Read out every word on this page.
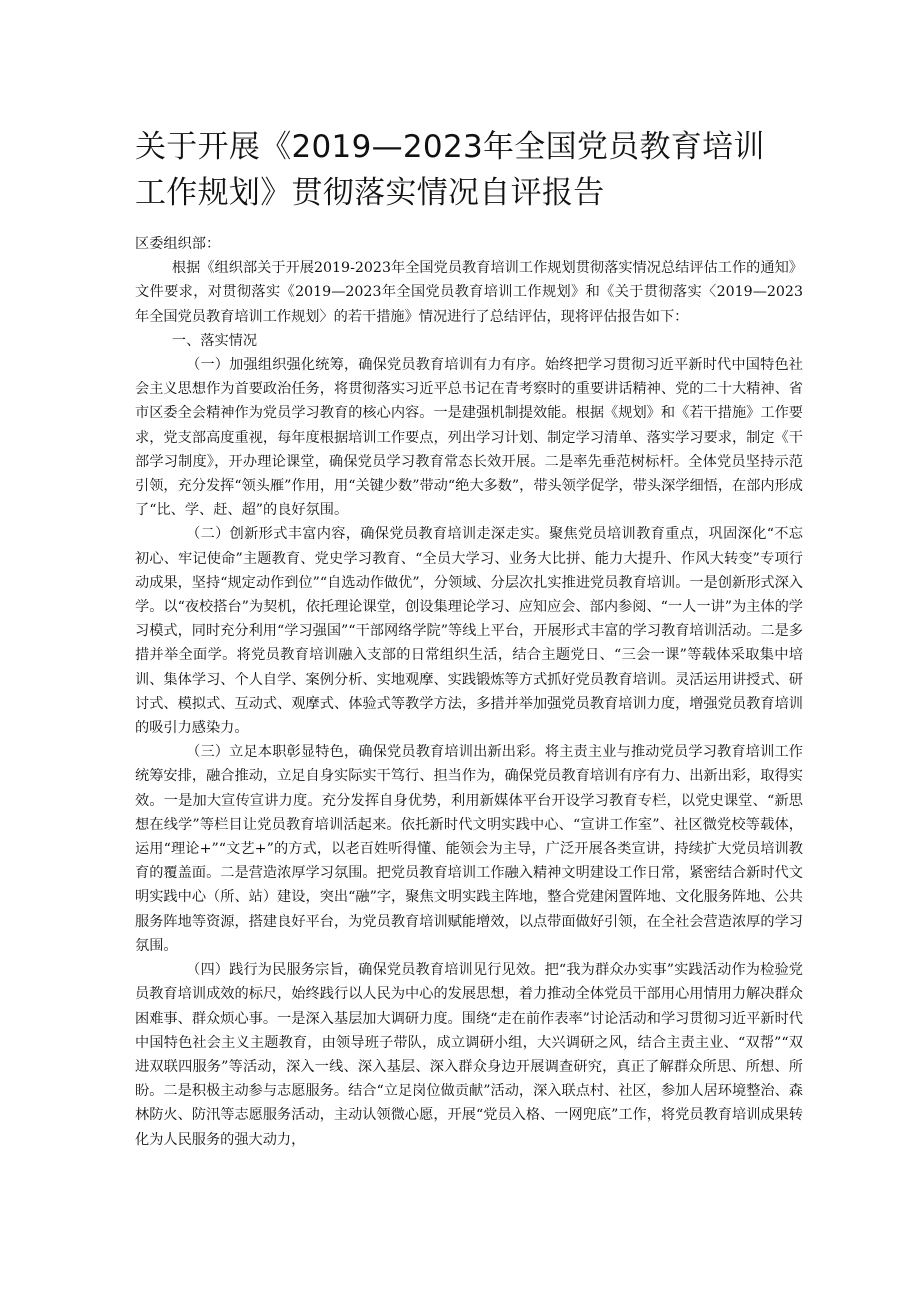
关于开展《2019—2023年全国党员教育培训工作规划》贯彻落实情况自评报告

区委组织部：

根据《组织部关于开展2019-2023年全国党员教育培训工作规划贯彻落实情况总结评估工作的通知》文件要求，对贯彻落实《2019—2023年全国党员教育培训工作规划》和《关于贯彻落实〈2019—2023年全国党员教育培训工作规划〉的若干措施》情况进行了总结评估，现将评估报告如下：

一、落实情况

（一）加强组织强化统筹，确保党员教育培训有力有序。始终把学习贯彻习近平新时代中国特色社会主义思想作为首要政治任务，将贯彻落实习近平总书记在青考察时的重要讲话精神、党的二十大精神、省市区委全会精神作为党员学习教育的核心内容。一是建强机制提效能。根据《规划》和《若干措施》工作要求，党支部高度重视，每年度根据培训工作要点，列出学习计划、制定学习清单、落实学习要求，制定《干部学习制度》，开办理论课堂，确保党员学习教育常态长效开展。二是率先垂范树标杆。全体党员坚持示范引领，充分发挥“领头雁”作用，用“关键少数”带动“绝大多数”，带头领学促学，带头深学细悟，在部内形成了“比、学、赶、超”的良好氛围。

（二）创新形式丰富内容，确保党员教育培训走深走实。聚焦党员培训教育重点，巩固深化“不忘初心、牢记使命”主题教育、党史学习教育、“全员大学习、业务大比拼、能力大提升、作风大转变”专项行动成果，坚持“规定动作到位”“自选动作做优”，分领域、分层次扎实推进党员教育培训。一是创新形式深入学。以“夜校搭台”为契机，依托理论课堂，创设集理论学习、应知应会、部内参阅、“一人一讲”为主体的学习模式，同时充分利用“学习强国”“干部网络学院”等线上平台，开展形式丰富的学习教育培训活动。二是多措并举全面学。将党员教育培训融入支部的日常组织生活，结合主题党日、“三会一课”等载体采取集中培训、集体学习、个人自学、案例分析、实地观摩、实践锻炼等方式抓好党员教育培训。灵活运用讲授式、研讨式、模拟式、互动式、观摩式、体验式等教学方法，多措并举加强党员教育培训力度，增强党员教育培训的吸引力感染力。

（三）立足本职彰显特色，确保党员教育培训出新出彩。将主责主业与推动党员学习教育培训工作统筹安排，融合推动，立足自身实际实干笃行、担当作为，确保党员教育培训有序有力、出新出彩，取得实效。一是加大宣传宣讲力度。充分发挥自身优势，利用新媒体平台开设学习教育专栏，以党史课堂、“新思想在线学”等栏目让党员教育培训活起来。依托新时代文明实践中心、“宣讲工作室”、社区微党校等载体，运用“理论+”“文艺+”的方式，以老百姓听得懂、能领会为主导，广泛开展各类宣讲，持续扩大党员培训教育的覆盖面。二是营造浓厚学习氛围。把党员教育培训工作融入精神文明建设工作日常，紧密结合新时代文明实践中心（所、站）建设，突出“融”字，聚焦文明实践主阵地，整合党建闲置阵地、文化服务阵地、公共服务阵地等资源，搭建良好平台，为党员教育培训赋能增效，以点带面做好引领，在全社会营造浓厚的学习氛围。

（四）践行为民服务宗旨，确保党员教育培训见行见效。把“我为群众办实事”实践活动作为检验党员教育培训成效的标尺，始终践行以人民为中心的发展思想，着力推动全体党员干部用心用情用力解决群众困难事、群众烦心事。一是深入基层加大调研力度。围绕“走在前作表率”讨论活动和学习贯彻习近平新时代中国特色社会主义主题教育，由领导班子带队，成立调研小组，大兴调研之风，结合主责主业、“双帮”“双进双联四服务”等活动，深入一线、深入基层、深入群众身边开展调查研究，真正了解群众所思、所想、所盼。二是积极主动参与志愿服务。结合“立足岗位做贡献”活动，深入联点村、社区，参加人居环境整治、森林防火、防汛等志愿服务活动，主动认领微心愿，开展“党员入格、一网兜底”工作，将党员教育培训成果转化为人民服务的强大动力，
